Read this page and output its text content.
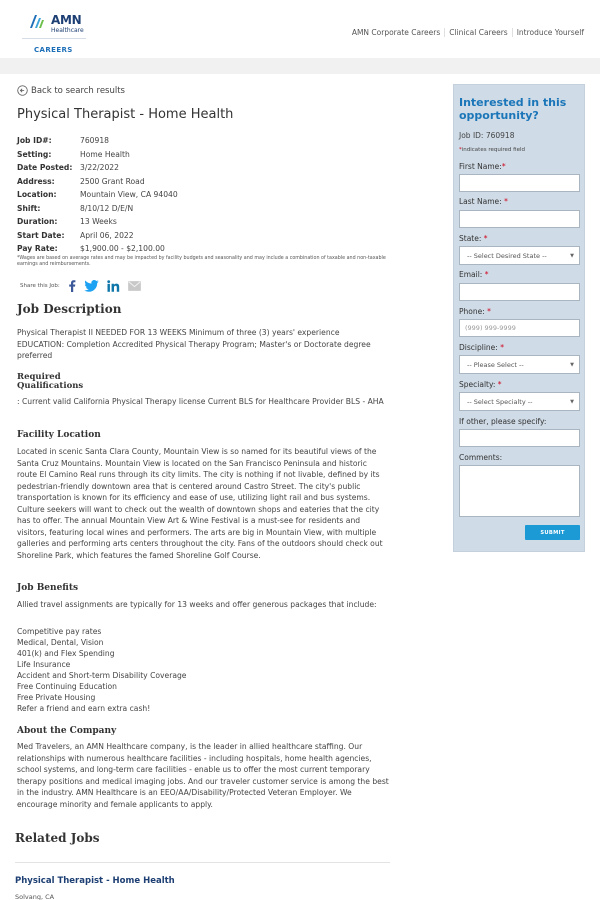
AMN
Healthcare
CAREERS
AMN Corporate Careers	Clinical Careers	Introduce Yourself
Back to search results
Physical Therapist - Home Health
Job ID#:	760918
Setting:	Home Health
Date Posted: 3/22/2022
Address:	2500 Grant Road
Location:	Mountain View, CA 94040
Shift:	8/10/12 D/E/N
Duration:	13 Weeks
Start Date:	April 06, 2022
Pay Rate:	$1,900.00 - $2,100.00

*Wages are based on average rates and may be impacted by facility budgets and seasonality and may include a combination of taxable and non-taxable earnings and reimbursements.

Share this Job:
Job Description

Physical Therapist II NEEDED FOR 13 WEEKS Minimum of three (3) years' experience EDUCATION: Completion Accredited Physical Therapy Program; Master's or Doctorate degree preferred

Required
Qualifications

: Current valid California Physical Therapy license Current BLS for Healthcare Provider BLS - AHA

Facility Location

Located in scenic Santa Clara County, Mountain View is so named for its beautiful views of the Santa Cruz Mountains. Mountain View is located on the San Francisco Peninsula and historic route El Camino Real runs through its city limits. The city is nothing if not livable, defined by its pedestrian-friendly downtown area that is centered around Castro Street. The city's public transportation is known for its efficiency and ease of use, utilizing light rail and bus systems. Culture seekers will want to check out the wealth of downtown shops and eateries that the city has to offer. The annual Mountain View Art & Wine Festival is a must-see for residents and visitors, featuring local wines and performers. The arts are big in Mountain View, with multiple galleries and performing arts centers throughout the city. Fans of the outdoors should check out Shoreline Park, which features the famed Shoreline Golf Course.

Job Benefits

Allied travel assignments are typically for 13 weeks and offer generous packages that include:

Competitive pay rates
Medical, Dental, Vision
401(k) and Flex Spending
Life Insurance
Accident and Short-term Disability Coverage
Free Continuing Education
Free Private Housing
Refer a friend and earn extra cash!
About the Company

Med Travelers, an AMN Healthcare company, is the leader in allied healthcare staffing. Our relationships with numerous healthcare facilities - including hospitals, home health agencies, school systems, and long-term care facilities - enable us to offer the most current temporary therapy positions and medical imaging jobs. And our traveler customer service is among the best in the industry. AMN Healthcare is an EEO/AA/Disability/Protected Veteran Employer. We encourage minority and female applicants to apply.

Related Jobs
Physical Therapist - Home Health
Solvang, CA
Interested in this opportunity?
Job ID: 760918
*indicates required field
First Name:*
Last Name: *
State: *
-- Select Desired State --	▼
Email: *
Phone: *
(999) 999-9999
Discipline: *
-- Please Select --	▼
Specialty: *
-- Select Specialty --	▼
If other, please specify:
Comments:
SUBMIT
